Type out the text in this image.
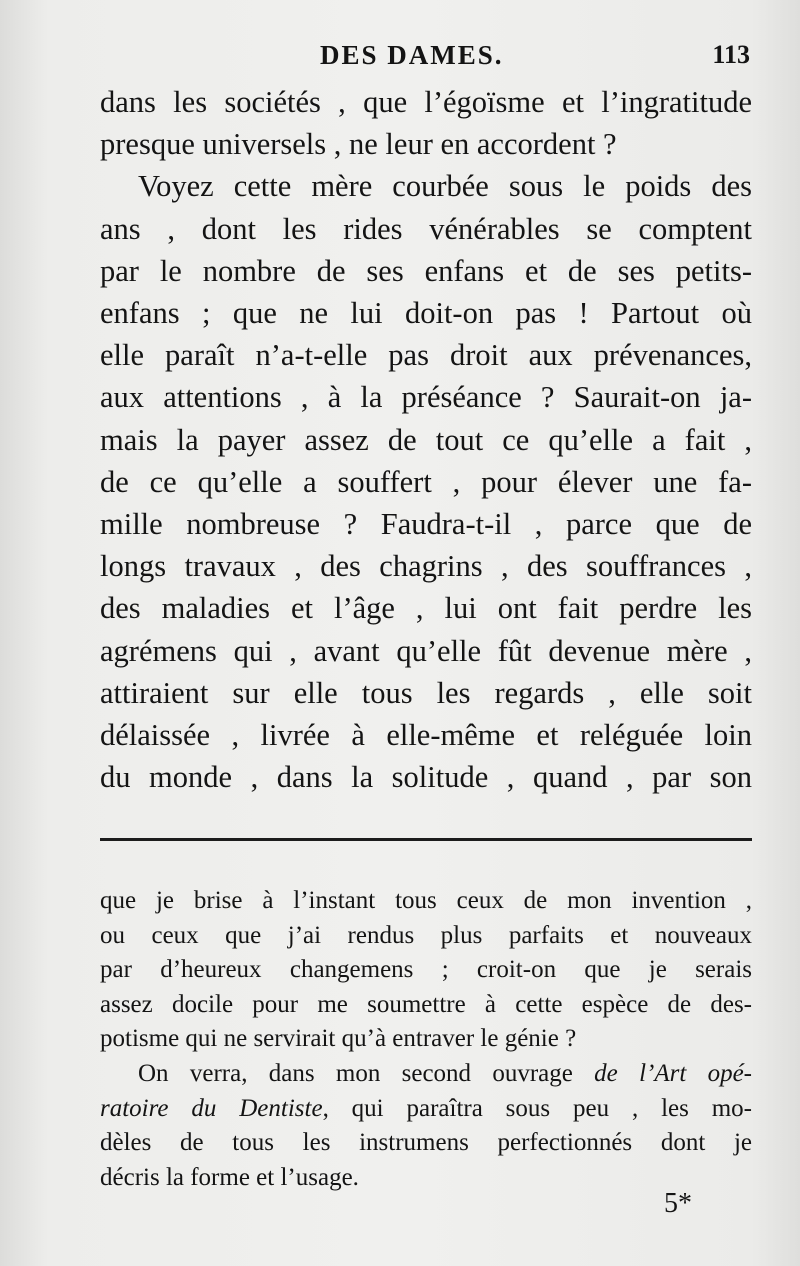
DES DAMES.	113

dans les sociétés , que l’égoïsme et l’ingratitude
presque universels , ne leur en accordent ?

Voyez cette mère courbée sous le poids des
ans , dont les rides vénérables se comptent
par le nombre de ses enfans et de ses petits-
enfans ; que ne lui doit-on pas ! Partout où
elle paraît n’a-t-elle pas droit aux prévenances,
aux attentions , à la préséance ? Saurait-on ja-
mais la payer assez de tout ce qu’elle a fait ,
de ce qu’elle a souffert , pour élever une fa-
mille nombreuse ? Faudra-t-il , parce que de
longs travaux , des chagrins , des souffrances ,
des maladies et l’âge , lui ont fait perdre les
agrémens qui , avant qu’elle fût devenue mère ,
attiraient sur elle tous les regards , elle soit
délaissée , livrée à elle-même et reléguée loin
du monde , dans la solitude , quand , par son

que je brise à l’instant tous ceux de mon invention ,
ou ceux que j’ai rendus plus parfaits et nouveaux
par d’heureux changemens ; croit-on que je serais
assez docile pour me soumettre à cette espèce de des-
potisme qui ne servirait qu’à entraver le génie ?

On verra, dans mon second ouvrage de l’Art opé-
ratoire du Dentiste, qui paraîtra sous peu , les mo-
dèles de tous les instrumens perfectionnés dont je
décris la forme et l’usage.

5*
